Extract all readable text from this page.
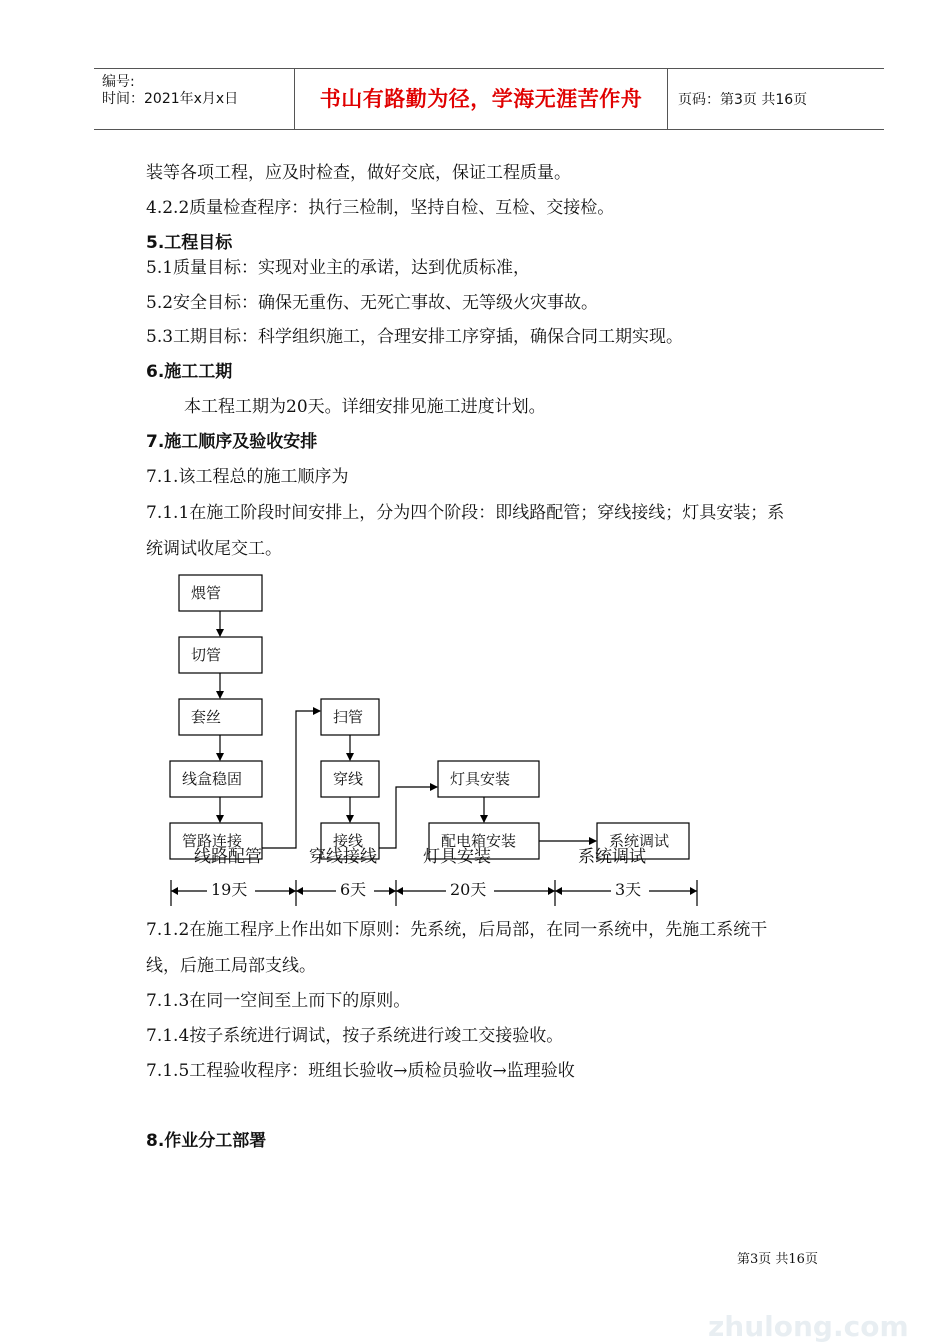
编号:
时间：2021年x月x日	书山有路勤为径，学海无涯苦作舟	页码：第3页 共16页
装等各项工程，应及时检查，做好交底，保证工程质量。
4.2.2质量检查程序：执行三检制，坚持自检、互检、交接检。
5.工程目标
5.1质量目标：实现对业主的承诺，达到优质标准，
5.2安全目标：确保无重伤、无死亡事故、无等级火灾事故。
5.3工期目标：科学组织施工，合理安排工序穿插，确保合同工期实现。
6.施工工期
本工程工期为20天。详细安排见施工进度计划。
7.施工顺序及验收安排
7.1.该工程总的施工顺序为
7.1.1在施工阶段时间安排上，分为四个阶段：即线路配管；穿线接线；灯具安装；系
统调试收尾交工。
煨管
切管
套丝
线盒稳固
管路连接
扫管
穿线
接线
灯具安装
配电箱安装	系统调试
线路配管	穿线接线	灯具安装	系统调试
19天	6天	20天	3天
7.1.2在施工程序上作出如下原则：先系统，后局部，在同一系统中，先施工系统干
线，后施工局部支线。
7.1.3在同一空间至上而下的原则。
7.1.4按子系统进行调试，按子系统进行竣工交接验收。
7.1.5工程验收程序：班组长验收→质检员验收→监理验收
8.作业分工部署
第3页 共16页
zhulong.com
